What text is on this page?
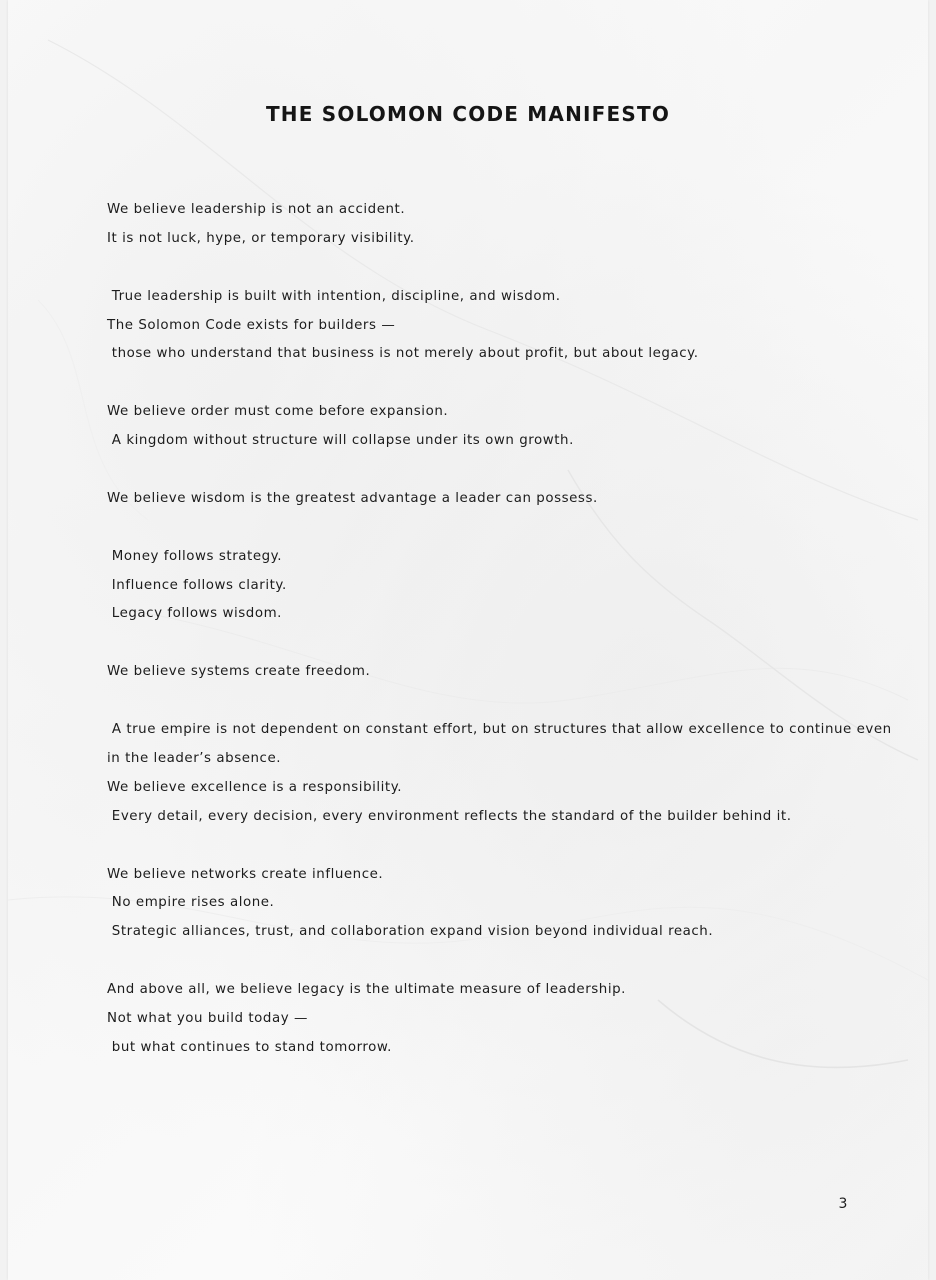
THE SOLOMON CODE MANIFESTO
We believe leadership is not an accident.
It is not luck, hype, or temporary visibility.
True leadership is built with intention, discipline, and wisdom.
The Solomon Code exists for builders —
those who understand that business is not merely about profit, but about legacy.
We believe order must come before expansion.
A kingdom without structure will collapse under its own growth.
We believe wisdom is the greatest advantage a leader can possess.
Money follows strategy.
Influence follows clarity.
Legacy follows wisdom.
We believe systems create freedom.
A true empire is not dependent on constant effort, but on structures that allow excellence to continue even in the leader’s absence.
We believe excellence is a responsibility.
Every detail, every decision, every environment reflects the standard of the builder behind it.
We believe networks create influence.
No empire rises alone.
Strategic alliances, trust, and collaboration expand vision beyond individual reach.
And above all, we believe legacy is the ultimate measure of leadership.
Not what you build today —
but what continues to stand tomorrow.
3
